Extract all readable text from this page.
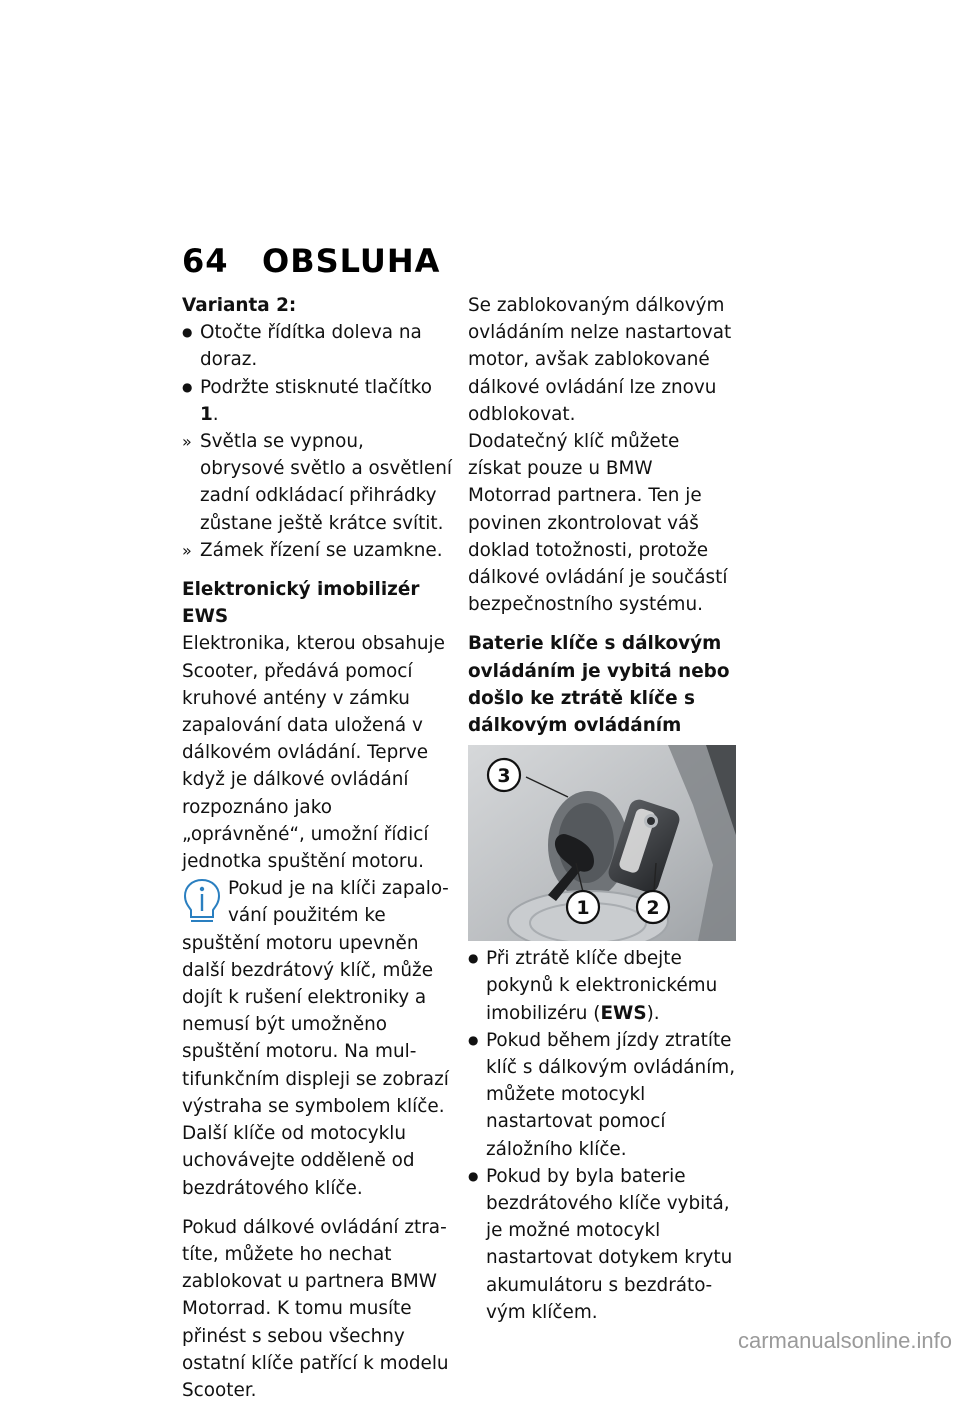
64	OBSLUHA

Varianta 2:

● Otočte řídítka doleva na doraz.
● Podržte stisknuté tlačítko 1.
» Světla se vypnou, obrysové světlo a osvětlení zadní odkládací přihrádky zůstane ještě krátce svítit.
» Zámek řízení se uzamkne.

Elektronický imobilizér EWS

Elektronika, kterou obsahuje Scooter, předává pomocí kruhové antény v zámku zapalování data uložená v dálkovém ovládání. Teprve když je dálkové ovládání rozpoznáno jako „oprávněné“, umožní řídicí jednotka spuštění motoru.

Pokud je na klíči zapalování použitém ke spuštění motoru upevněn další bezdrátový klíč, může dojít k rušení elektroniky a nemusí být umožněno spuštění motoru. Na multifunkčním displeji se zobrazí výstraha se symbolem klíče.

Další klíče od motocyklu uchovávejte odděleně od bezdrátového klíče.

Pokud dálkové ovládání ztratíte, můžete ho nechat zablokovat u partnera BMW Motorrad. K tomu musíte přinést s sebou všechny ostatní klíče patřící k modelu Scooter.

Se zablokovaným dálkovým ovládáním nelze nastartovat motor, avšak zablokované dálkové ovládání lze znovu odblokovat.

Dodatečný klíč můžete získat pouze u BMW Motorrad partnera. Ten je povinen zkontrolovat váš doklad totožnosti, protože dálkové ovládání je součástí bezpečnostního systému.

Baterie klíče s dálkovým ovládáním je vybitá nebo došlo ke ztrátě klíče s dálkovým ovládáním

3
1	2
● Při ztrátě klíče dbejte pokynů k elektronickému imobilizéru (EWS).
● Pokud během jízdy ztratíte klíč s dálkovým ovládáním, můžete motocykl nastartovat pomocí záložního klíče.
● Pokud by byla baterie bezdrátového klíče vybitá, je možné motocykl nastartovat dotykem krytu akumulátoru s bezdrátovým klíčem.
carmanualsonline.info
